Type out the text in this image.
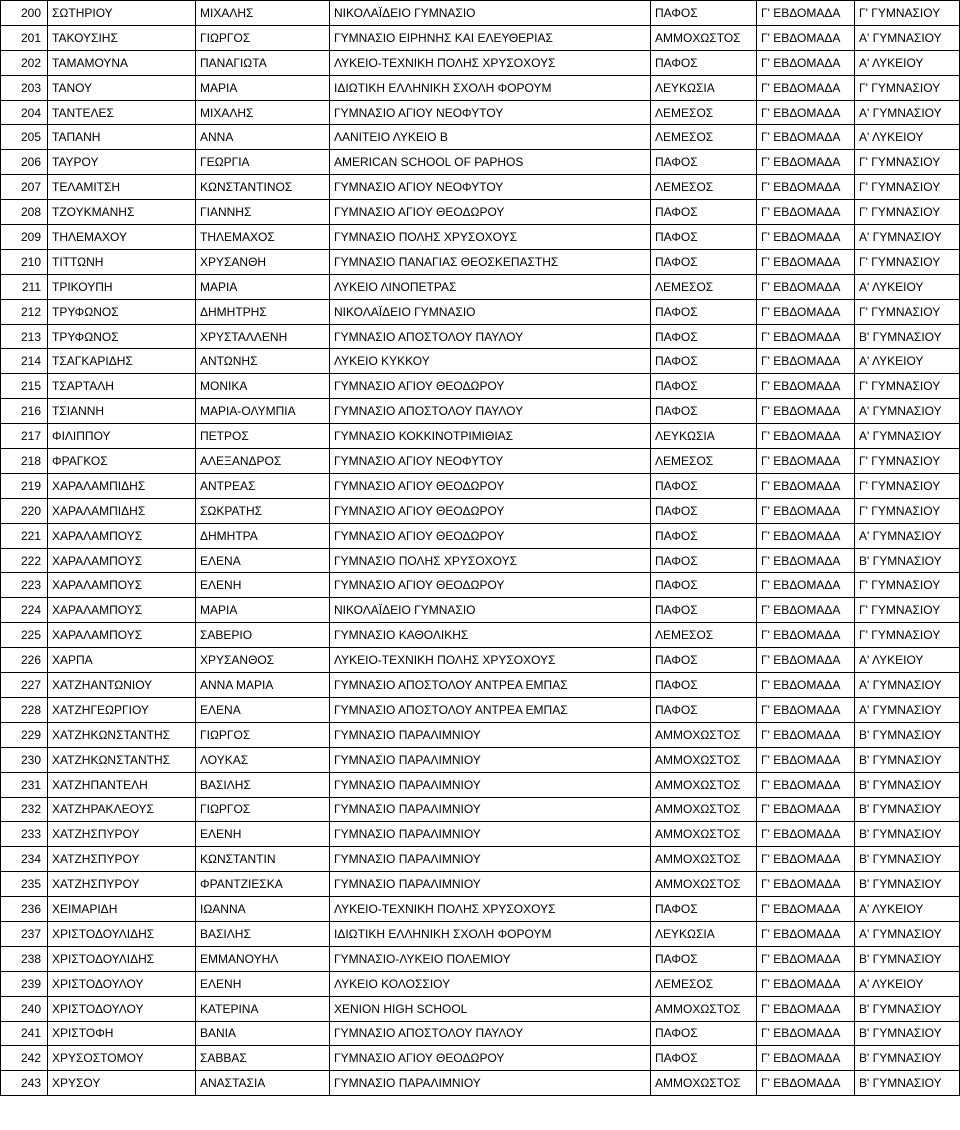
200	ΣΩΤΗΡΙΟΥ	ΜΙΧΑΛΗΣ	ΝΙΚΟΛΑΪΔΕΙΟ ΓΥΜΝΑΣΙΟ	ΠΑΦΟΣ	Γ' ΕΒΔΟΜΑΔΑ	Γ' ΓΥΜΝΑΣΙΟΥ
201	ΤΑΚΟΥΣΙΗΣ	ΓΙΩΡΓΟΣ	ΓΥΜΝΑΣΙΟ ΕΙΡΗΝΗΣ ΚΑΙ ΕΛΕΥΘΕΡΙΑΣ	ΑΜΜΟΧΩΣΤΟΣ	Γ' ΕΒΔΟΜΑΔΑ	Α' ΓΥΜΝΑΣΙΟΥ
202	ΤΑΜΑΜΟΥΝΑ	ΠΑΝΑΓΙΩΤΑ	ΛΥΚΕΙΟ-ΤΕΧΝΙΚΗ ΠΟΛΗΣ ΧΡΥΣΟΧΟΥΣ	ΠΑΦΟΣ	Γ' ΕΒΔΟΜΑΔΑ	Α' ΛΥΚΕΙΟΥ
203	ΤΑΝΟΥ	ΜΑΡΙΑ	ΙΔΙΩΤΙΚΗ ΕΛΛΗΝΙΚΗ ΣΧΟΛΗ ΦΟΡΟΥΜ	ΛΕΥΚΩΣΙΑ	Γ' ΕΒΔΟΜΑΔΑ	Γ' ΓΥΜΝΑΣΙΟΥ
204	ΤΑΝΤΕΛΕΣ	ΜΙΧΑΛΗΣ	ΓΥΜΝΑΣΙΟ ΑΓΙΟΥ ΝΕΟΦΥΤΟΥ	ΛΕΜΕΣΟΣ	Γ' ΕΒΔΟΜΑΔΑ	Α' ΓΥΜΝΑΣΙΟΥ
205	ΤΑΠΑΝΗ	ΑΝΝΑ	ΛΑΝΙΤΕΙΟ ΛΥΚΕΙΟ Β	ΛΕΜΕΣΟΣ	Γ' ΕΒΔΟΜΑΔΑ	Α' ΛΥΚΕΙΟΥ
206	ΤΑΥΡΟΥ	ΓΕΩΡΓΙΑ	AMERICAN SCHOOL OF PAPHOS	ΠΑΦΟΣ	Γ' ΕΒΔΟΜΑΔΑ	Γ' ΓΥΜΝΑΣΙΟΥ
207	ΤΕΛΑΜΙΤΣΗ	ΚΩΝΣΤΑΝΤΙΝΟΣ	ΓΥΜΝΑΣΙΟ ΑΓΙΟΥ ΝΕΟΦΥΤΟΥ	ΛΕΜΕΣΟΣ	Γ' ΕΒΔΟΜΑΔΑ	Γ' ΓΥΜΝΑΣΙΟΥ
208	ΤΖΟΥΚΜΑΝΗΣ	ΓΙΑΝΝΗΣ	ΓΥΜΝΑΣΙΟ ΑΓΙΟΥ ΘΕΟΔΩΡΟΥ	ΠΑΦΟΣ	Γ' ΕΒΔΟΜΑΔΑ	Γ' ΓΥΜΝΑΣΙΟΥ
209	ΤΗΛΕΜΑΧΟΥ	ΤΗΛΕΜΑΧΟΣ	ΓΥΜΝΑΣΙΟ ΠΟΛΗΣ ΧΡΥΣΟΧΟΥΣ	ΠΑΦΟΣ	Γ' ΕΒΔΟΜΑΔΑ	Α' ΓΥΜΝΑΣΙΟΥ
210	ΤΙΤΤΩΝΗ	ΧΡΥΣΑΝΘΗ	ΓΥΜΝΑΣΙΟ ΠΑΝΑΓΙΑΣ ΘΕΟΣΚΕΠΑΣΤΗΣ	ΠΑΦΟΣ	Γ' ΕΒΔΟΜΑΔΑ	Γ' ΓΥΜΝΑΣΙΟΥ
211	ΤΡΙΚΟΥΠΗ	ΜΑΡΙΑ	ΛΥΚΕΙΟ ΛΙΝΟΠΕΤΡΑΣ	ΛΕΜΕΣΟΣ	Γ' ΕΒΔΟΜΑΔΑ	Α' ΛΥΚΕΙΟΥ
212	ΤΡΥΦΩΝΟΣ	ΔΗΜΗΤΡΗΣ	ΝΙΚΟΛΑΪΔΕΙΟ ΓΥΜΝΑΣΙΟ	ΠΑΦΟΣ	Γ' ΕΒΔΟΜΑΔΑ	Γ' ΓΥΜΝΑΣΙΟΥ
213	ΤΡΥΦΩΝΟΣ	ΧΡΥΣΤΑΛΛΕΝΗ	ΓΥΜΝΑΣΙΟ ΑΠΟΣΤΟΛΟΥ ΠΑΥΛΟΥ	ΠΑΦΟΣ	Γ' ΕΒΔΟΜΑΔΑ	Β' ΓΥΜΝΑΣΙΟΥ
214	ΤΣΑΓΚΑΡΙΔΗΣ	ΑΝΤΩΝΗΣ	ΛΥΚΕΙΟ ΚΥΚΚΟΥ	ΠΑΦΟΣ	Γ' ΕΒΔΟΜΑΔΑ	Α' ΛΥΚΕΙΟΥ
215	ΤΣΑΡΤΑΛΗ	ΜΟΝΙΚΑ	ΓΥΜΝΑΣΙΟ ΑΓΙΟΥ ΘΕΟΔΩΡΟΥ	ΠΑΦΟΣ	Γ' ΕΒΔΟΜΑΔΑ	Γ' ΓΥΜΝΑΣΙΟΥ
216	ΤΣΙΑΝΝΗ	ΜΑΡΙΑ-ΟΛΥΜΠΙΑ	ΓΥΜΝΑΣΙΟ ΑΠΟΣΤΟΛΟΥ ΠΑΥΛΟΥ	ΠΑΦΟΣ	Γ' ΕΒΔΟΜΑΔΑ	Α' ΓΥΜΝΑΣΙΟΥ
217	ΦΙΛΙΠΠΟΥ	ΠΕΤΡΟΣ	ΓΥΜΝΑΣΙΟ ΚΟΚΚΙΝΟΤΡΙΜΙΘΙΑΣ	ΛΕΥΚΩΣΙΑ	Γ' ΕΒΔΟΜΑΔΑ	Α' ΓΥΜΝΑΣΙΟΥ
218	ΦΡΑΓΚΟΣ	ΑΛΕΞΑΝΔΡΟΣ	ΓΥΜΝΑΣΙΟ ΑΓΙΟΥ ΝΕΟΦΥΤΟΥ	ΛΕΜΕΣΟΣ	Γ' ΕΒΔΟΜΑΔΑ	Γ' ΓΥΜΝΑΣΙΟΥ
219	ΧΑΡΑΛΑΜΠΙΔΗΣ	ΑΝΤΡΕΑΣ	ΓΥΜΝΑΣΙΟ ΑΓΙΟΥ ΘΕΟΔΩΡΟΥ	ΠΑΦΟΣ	Γ' ΕΒΔΟΜΑΔΑ	Γ' ΓΥΜΝΑΣΙΟΥ
220	ΧΑΡΑΛΑΜΠΙΔΗΣ	ΣΩΚΡΑΤΗΣ	ΓΥΜΝΑΣΙΟ ΑΓΙΟΥ ΘΕΟΔΩΡΟΥ	ΠΑΦΟΣ	Γ' ΕΒΔΟΜΑΔΑ	Γ' ΓΥΜΝΑΣΙΟΥ
221	ΧΑΡΑΛΑΜΠΟΥΣ	ΔΗΜΗΤΡΑ	ΓΥΜΝΑΣΙΟ ΑΓΙΟΥ ΘΕΟΔΩΡΟΥ	ΠΑΦΟΣ	Γ' ΕΒΔΟΜΑΔΑ	Α' ΓΥΜΝΑΣΙΟΥ
222	ΧΑΡΑΛΑΜΠΟΥΣ	ΕΛΕΝΑ	ΓΥΜΝΑΣΙΟ ΠΟΛΗΣ ΧΡΥΣΟΧΟΥΣ	ΠΑΦΟΣ	Γ' ΕΒΔΟΜΑΔΑ	Β' ΓΥΜΝΑΣΙΟΥ
223	ΧΑΡΑΛΑΜΠΟΥΣ	ΕΛΕΝΗ	ΓΥΜΝΑΣΙΟ ΑΓΙΟΥ ΘΕΟΔΩΡΟΥ	ΠΑΦΟΣ	Γ' ΕΒΔΟΜΑΔΑ	Γ' ΓΥΜΝΑΣΙΟΥ
224	ΧΑΡΑΛΑΜΠΟΥΣ	ΜΑΡΙΑ	ΝΙΚΟΛΑΪΔΕΙΟ ΓΥΜΝΑΣΙΟ	ΠΑΦΟΣ	Γ' ΕΒΔΟΜΑΔΑ	Γ' ΓΥΜΝΑΣΙΟΥ
225	ΧΑΡΑΛΑΜΠΟΥΣ	ΣΑΒΕΡΙΟ	ΓΥΜΝΑΣΙΟ ΚΑΘΟΛΙΚΗΣ	ΛΕΜΕΣΟΣ	Γ' ΕΒΔΟΜΑΔΑ	Γ' ΓΥΜΝΑΣΙΟΥ
226	ΧΑΡΠΑ	ΧΡΥΣΑΝΘΟΣ	ΛΥΚΕΙΟ-ΤΕΧΝΙΚΗ ΠΟΛΗΣ ΧΡΥΣΟΧΟΥΣ	ΠΑΦΟΣ	Γ' ΕΒΔΟΜΑΔΑ	Α' ΛΥΚΕΙΟΥ
227	ΧΑΤΖΗΑΝΤΩΝΙΟΥ	ΑΝΝΑ ΜΑΡΙΑ	ΓΥΜΝΑΣΙΟ ΑΠΟΣΤΟΛΟΥ ΑΝΤΡΕΑ ΕΜΠΑΣ	ΠΑΦΟΣ	Γ' ΕΒΔΟΜΑΔΑ	Α' ΓΥΜΝΑΣΙΟΥ
228	ΧΑΤΖΗΓΕΩΡΓΙΟΥ	ΕΛΕΝΑ	ΓΥΜΝΑΣΙΟ ΑΠΟΣΤΟΛΟΥ ΑΝΤΡΕΑ ΕΜΠΑΣ	ΠΑΦΟΣ	Γ' ΕΒΔΟΜΑΔΑ	Α' ΓΥΜΝΑΣΙΟΥ
229	ΧΑΤΖΗΚΩΝΣΤΑΝΤΗΣ	ΓΙΩΡΓΟΣ	ΓΥΜΝΑΣΙΟ ΠΑΡΑΛΙΜΝΙΟΥ	ΑΜΜΟΧΩΣΤΟΣ	Γ' ΕΒΔΟΜΑΔΑ	Β' ΓΥΜΝΑΣΙΟΥ
230	ΧΑΤΖΗΚΩΝΣΤΑΝΤΗΣ	ΛΟΥΚΑΣ	ΓΥΜΝΑΣΙΟ ΠΑΡΑΛΙΜΝΙΟΥ	ΑΜΜΟΧΩΣΤΟΣ	Γ' ΕΒΔΟΜΑΔΑ	Β' ΓΥΜΝΑΣΙΟΥ
231	ΧΑΤΖΗΠΑΝΤΕΛΗ	ΒΑΣΙΛΗΣ	ΓΥΜΝΑΣΙΟ ΠΑΡΑΛΙΜΝΙΟΥ	ΑΜΜΟΧΩΣΤΟΣ	Γ' ΕΒΔΟΜΑΔΑ	Β' ΓΥΜΝΑΣΙΟΥ
232	ΧΑΤΖΗΡΑΚΛΕΟΥΣ	ΓΙΩΡΓΟΣ	ΓΥΜΝΑΣΙΟ ΠΑΡΑΛΙΜΝΙΟΥ	ΑΜΜΟΧΩΣΤΟΣ	Γ' ΕΒΔΟΜΑΔΑ	Β' ΓΥΜΝΑΣΙΟΥ
233	ΧΑΤΖΗΣΠΥΡΟΥ	ΕΛΕΝΗ	ΓΥΜΝΑΣΙΟ ΠΑΡΑΛΙΜΝΙΟΥ	ΑΜΜΟΧΩΣΤΟΣ	Γ' ΕΒΔΟΜΑΔΑ	Β' ΓΥΜΝΑΣΙΟΥ
234	ΧΑΤΖΗΣΠΥΡΟΥ	ΚΩΝΣΤΑΝΤΙΝ	ΓΥΜΝΑΣΙΟ ΠΑΡΑΛΙΜΝΙΟΥ	ΑΜΜΟΧΩΣΤΟΣ	Γ' ΕΒΔΟΜΑΔΑ	Β' ΓΥΜΝΑΣΙΟΥ
235	ΧΑΤΖΗΣΠΥΡΟΥ	ΦΡΑΝΤΖΙΕΣΚΑ	ΓΥΜΝΑΣΙΟ ΠΑΡΑΛΙΜΝΙΟΥ	ΑΜΜΟΧΩΣΤΟΣ	Γ' ΕΒΔΟΜΑΔΑ	Β' ΓΥΜΝΑΣΙΟΥ
236	ΧΕΙΜΑΡΙΔΗ	ΙΩΑΝΝΑ	ΛΥΚΕΙΟ-ΤΕΧΝΙΚΗ ΠΟΛΗΣ ΧΡΥΣΟΧΟΥΣ	ΠΑΦΟΣ	Γ' ΕΒΔΟΜΑΔΑ	Α' ΛΥΚΕΙΟΥ
237	ΧΡΙΣΤΟΔΟΥΛΙΔΗΣ	ΒΑΣΙΛΗΣ	ΙΔΙΩΤΙΚΗ ΕΛΛΗΝΙΚΗ ΣΧΟΛΗ ΦΟΡΟΥΜ	ΛΕΥΚΩΣΙΑ	Γ' ΕΒΔΟΜΑΔΑ	Α' ΓΥΜΝΑΣΙΟΥ
238	ΧΡΙΣΤΟΔΟΥΛΙΔΗΣ	ΕΜΜΑΝΟΥΗΛ	ΓΥΜΝΑΣΙΟ-ΛΥΚΕΙΟ ΠΟΛΕΜΙΟΥ	ΠΑΦΟΣ	Γ' ΕΒΔΟΜΑΔΑ	Β' ΓΥΜΝΑΣΙΟΥ
239	ΧΡΙΣΤΟΔΟΥΛΟΥ	ΕΛΕΝΗ	ΛΥΚΕΙΟ ΚΟΛΟΣΣΙΟΥ	ΛΕΜΕΣΟΣ	Γ' ΕΒΔΟΜΑΔΑ	Α' ΛΥΚΕΙΟΥ
240	ΧΡΙΣΤΟΔΟΥΛΟΥ	ΚΑΤΕΡΙΝΑ	XENION HIGH SCHOOL	ΑΜΜΟΧΩΣΤΟΣ	Γ' ΕΒΔΟΜΑΔΑ	Β' ΓΥΜΝΑΣΙΟΥ
241	ΧΡΙΣΤΟΦΗ	ΒΑΝΙΑ	ΓΥΜΝΑΣΙΟ ΑΠΟΣΤΟΛΟΥ ΠΑΥΛΟΥ	ΠΑΦΟΣ	Γ' ΕΒΔΟΜΑΔΑ	Β' ΓΥΜΝΑΣΙΟΥ
242	ΧΡΥΣΟΣΤΟΜΟΥ	ΣΑΒΒΑΣ	ΓΥΜΝΑΣΙΟ ΑΓΙΟΥ ΘΕΟΔΩΡΟΥ	ΠΑΦΟΣ	Γ' ΕΒΔΟΜΑΔΑ	Β' ΓΥΜΝΑΣΙΟΥ
243	ΧΡΥΣΟΥ	ΑΝΑΣΤΑΣΙΑ	ΓΥΜΝΑΣΙΟ ΠΑΡΑΛΙΜΝΙΟΥ	ΑΜΜΟΧΩΣΤΟΣ	Γ' ΕΒΔΟΜΑΔΑ	Β' ΓΥΜΝΑΣΙΟΥ
